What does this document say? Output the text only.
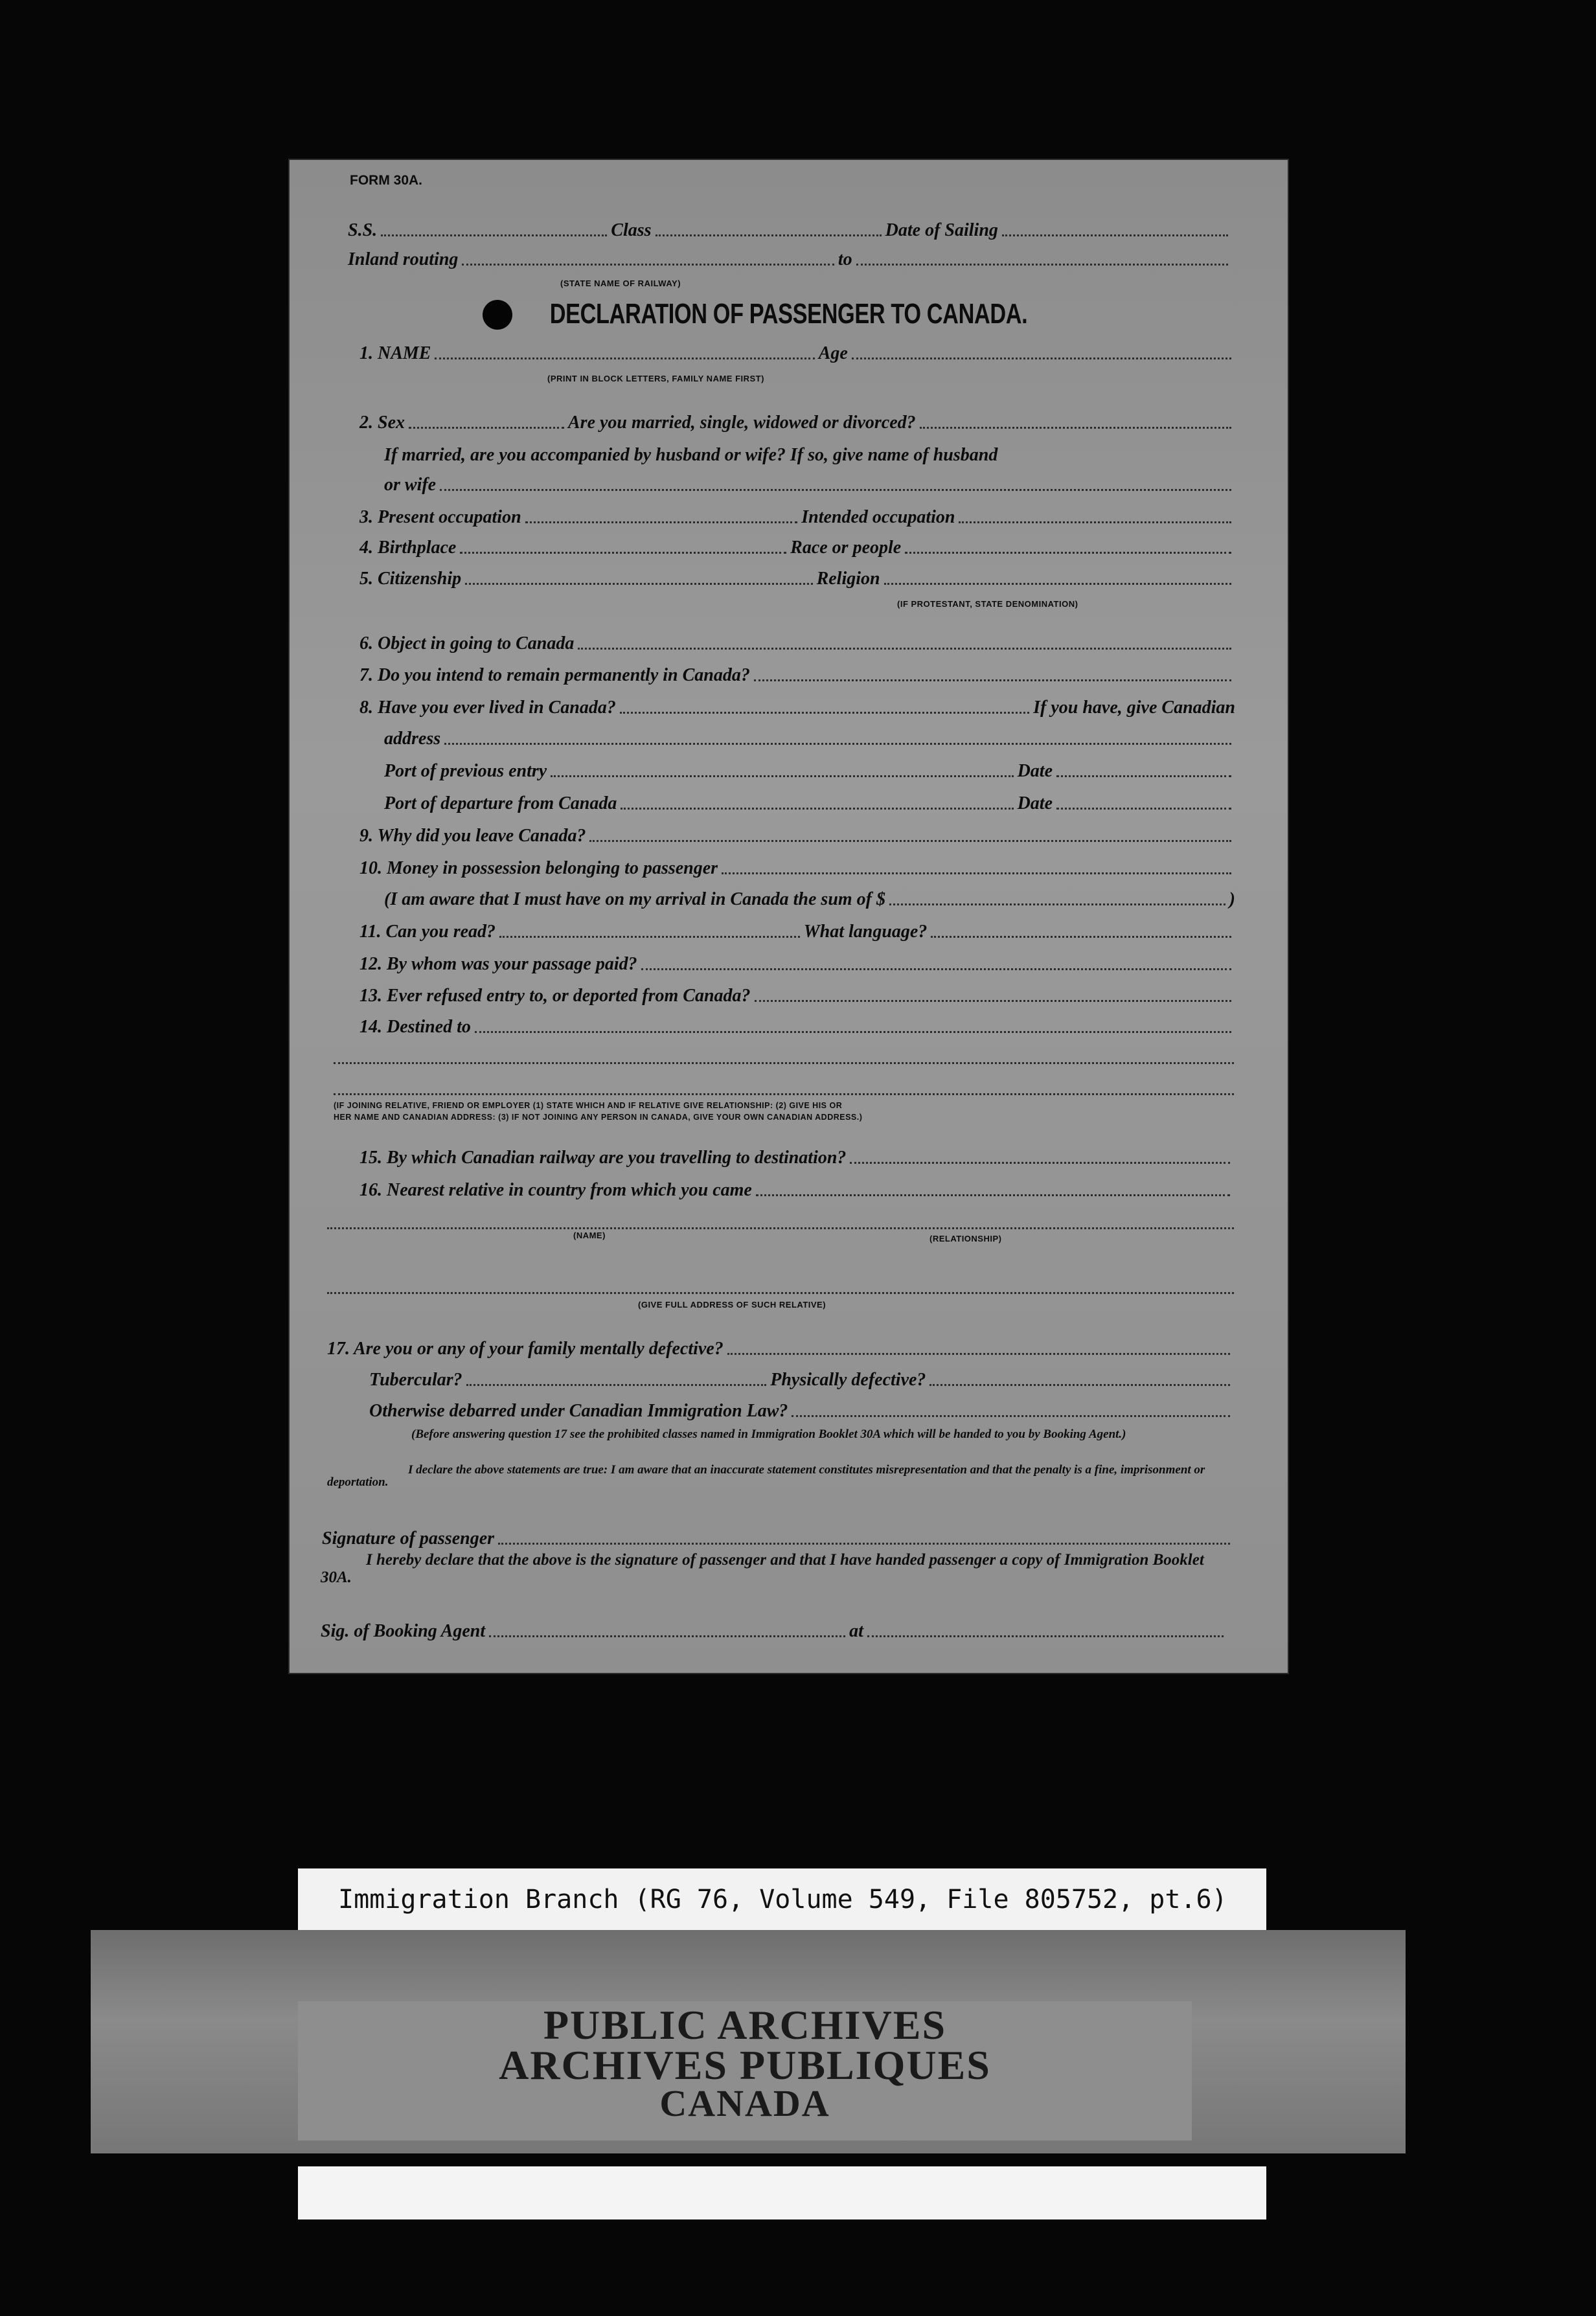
FORM 30A.
S.S.	Class	Date of Sailing
Inland routing	to
(STATE NAME OF RAILWAY)
DECLARATION OF PASSENGER TO CANADA.
1. NAME	Age
(PRINT IN BLOCK LETTERS, FAMILY NAME FIRST)
2. Sex	Are you married, single, widowed or divorced?
If married, are you accompanied by husband or wife? If so, give name of husband
or wife
3. Present occupation	Intended occupation
4. Birthplace	Race or people
5. Citizenship	Religion
(IF PROTESTANT, STATE DENOMINATION)
6. Object in going to Canada
7. Do you intend to remain permanently in Canada?
8. Have you ever lived in Canada?	If you have, give Canadian
address
Port of previous entry	Date
Port of departure from Canada	Date
9. Why did you leave Canada?
10. Money in possession belonging to passenger
(I am aware that I must have on my arrival in Canada the sum of $	)
11. Can you read?	What language?
12. By whom was your passage paid?
13. Ever refused entry to, or deported from Canada?
14. Destined to
(IF JOINING RELATIVE, FRIEND OR EMPLOYER (1) STATE WHICH AND IF RELATIVE GIVE RELATIONSHIP: (2) GIVE HIS OR
HER NAME AND CANADIAN ADDRESS: (3) IF NOT JOINING ANY PERSON IN CANADA, GIVE YOUR OWN CANADIAN ADDRESS.)
15. By which Canadian railway are you travelling to destination?
16. Nearest relative in country from which you came
(NAME)	(RELATIONSHIP)
(GIVE FULL ADDRESS OF SUCH RELATIVE)
17. Are you or any of your family mentally defective?
Tubercular?	Physically defective?
Otherwise debarred under Canadian Immigration Law?
(Before answering question 17 see the prohibited classes named in Immigration Booklet 30A which will be handed to you by Booking Agent.)
I declare the above statements are true: I am aware that an inaccurate statement constitutes misrepresentation and that the penalty is a fine, imprisonment or deportation.
Signature of passenger
I hereby declare that the above is the signature of passenger and that I have handed passenger a copy of Immigration Booklet 30A.
Sig. of Booking Agent	at
Immigration Branch (RG 76, Volume 549, File 805752, pt.6)
PUBLIC ARCHIVES
ARCHIVES PUBLIQUES
CANADA
